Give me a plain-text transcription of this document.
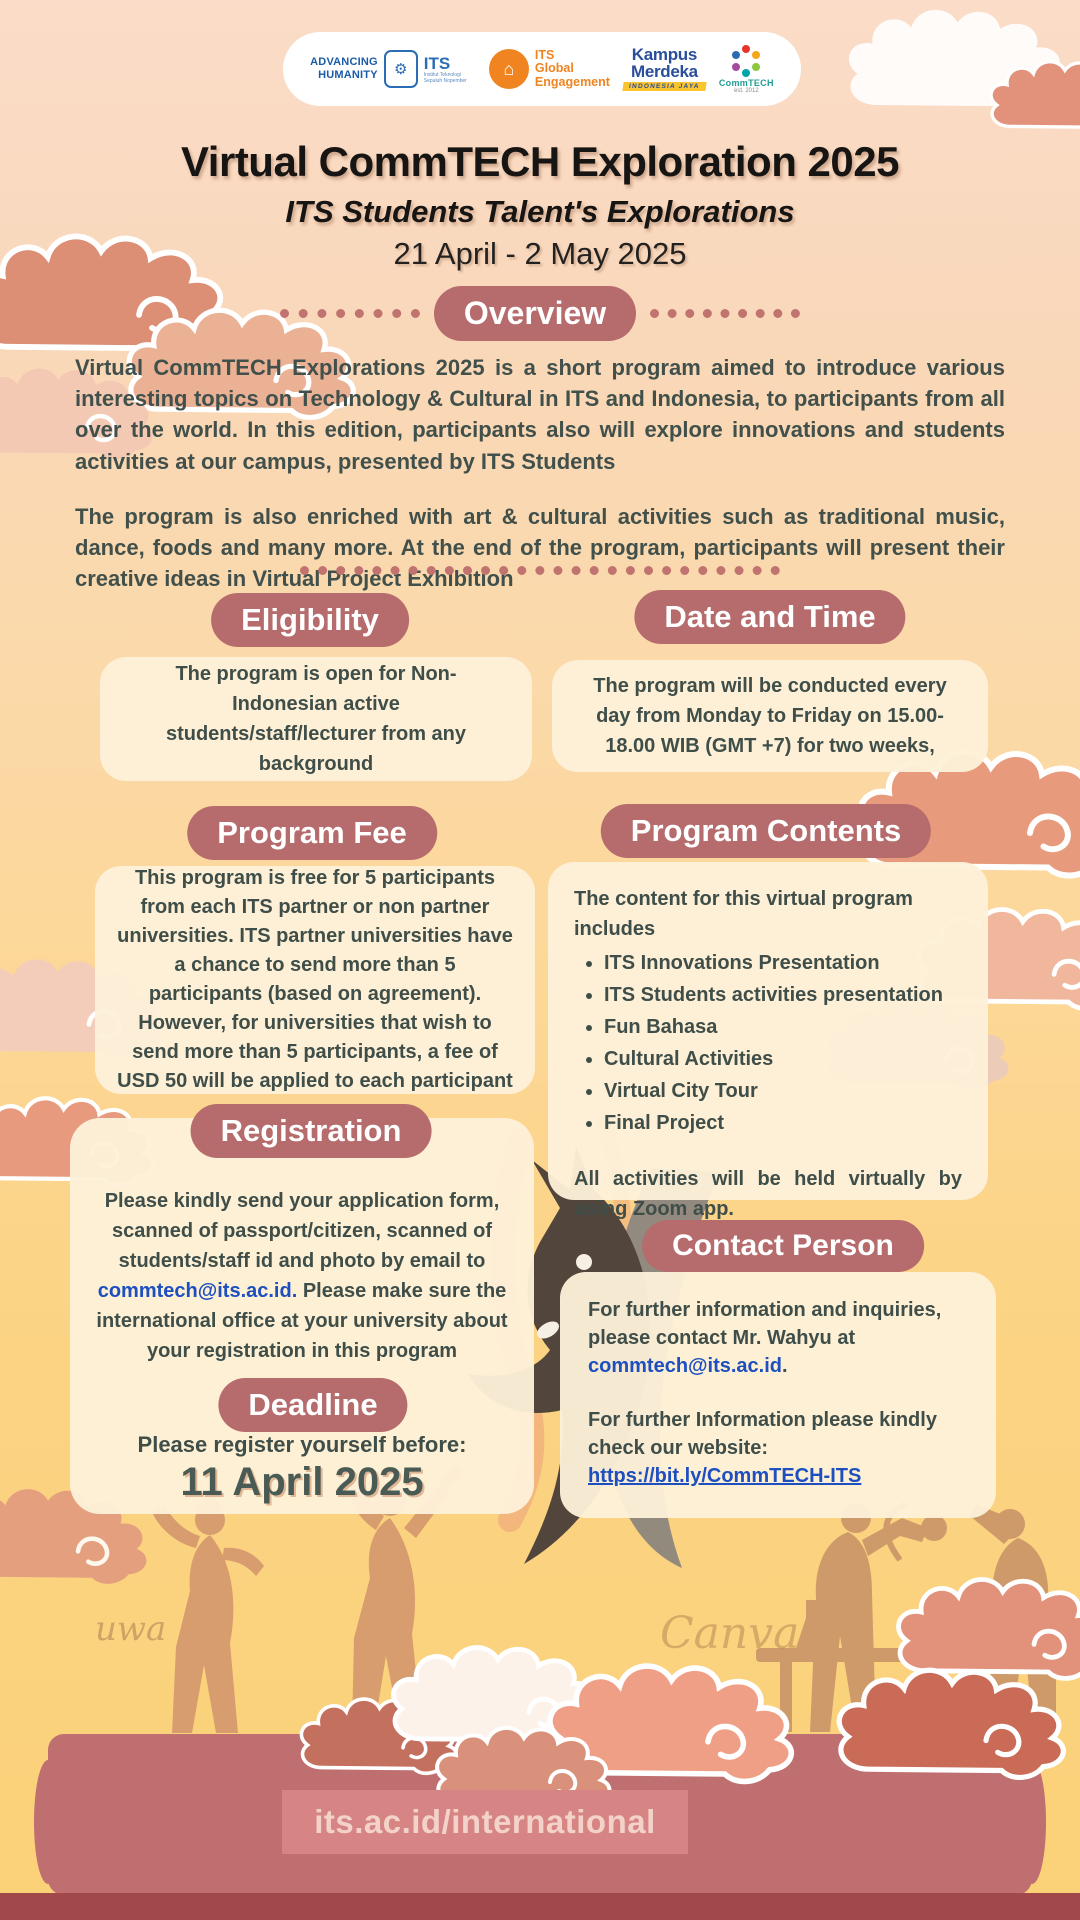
uwa	Canva
ADVANCING
HUMANITY ⚙ ITS
Institut Teknologi Sepuluh Nopember
⌂
ITS
Global
Engagement
Kampus
Merdeka
INDONESIA JAYA	CommTECH
est. 2012
Virtual CommTECH Exploration 2025
ITS Students Talent's Explorations
21 April - 2 May 2025
Overview

Virtual CommTECH Explorations 2025 is a short program aimed to introduce various interesting topics on Technology & Cultural in ITS and Indonesia, to participants from all over the world. In this edition, participants also will explore innovations and students activities at our campus, presented by ITS Students

The program is also enriched with art & cultural activities such as traditional music, dance, foods and many more. At the end of the program, participants will present their creative ideas in Virtual Project Exhibition

Eligibility
The program is open for Non-Indonesian active students/staff/lecturer from any background
Date and Time
The program will be conducted every day from Monday to Friday on 15.00-18.00 WIB (GMT +7) for two weeks,
Program Fee
This program is free for 5 participants from each ITS partner or non partner universities. ITS partner universities have a chance to send more than 5 participants (based on agreement). However, for universities that wish to send more than 5 participants, a fee of USD 50 will be applied to each participant
Program Contents
The content for this virtual program includes
• ITS Innovations Presentation
• ITS Students activities presentation
• Fun Bahasa
• Cultural Activities
• Virtual City Tour
• Final Project
All activities will be held virtually by using Zoom app.
Registration
Please kindly send your application form, scanned of passport/citizen, scanned of students/staff id and photo by email to commtech@its.ac.id. Please make sure the international office at your university about your registration in this program
Deadline
Please register yourself before:
11 April 2025
Contact Person

For further information and inquiries, please contact Mr. Wahyu at commtech@its.ac.id.

For further Information please kindly check our website:
https://bit.ly/CommTECH-ITS

its.ac.id/international
